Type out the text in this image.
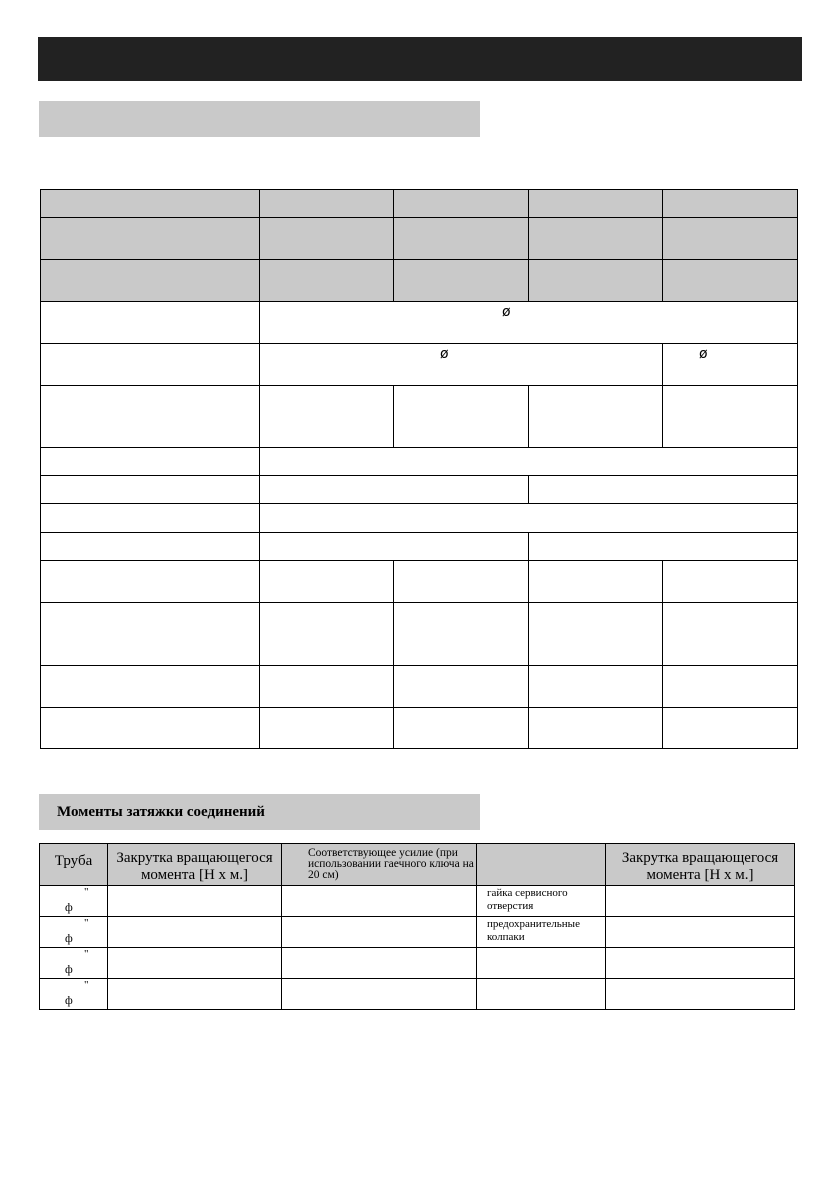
	ø			

	ø			ø

Моменты затяжки соединений
Труба	Закрутка вращающегося момента [Н х м.]	Соответствующее усилие (при использовании гаечного ключа на 20 см)		Закрутка вращающегося момента [Н х м.]

"
ф			гайка сервисного отверстия	

"
ф			предохранительные колпаки	

"
ф				

"
ф				
